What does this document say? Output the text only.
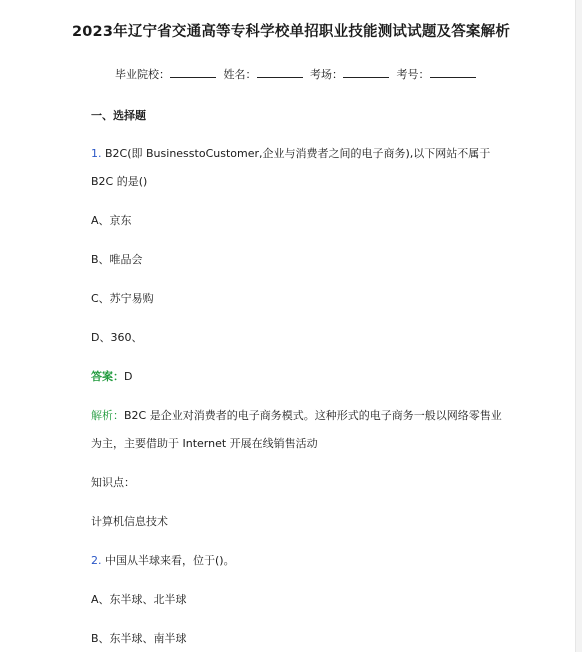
2023年辽宁省交通高等专科学校单招职业技能测试试题及答案解析
毕业院校：	姓名：	考场：	考号：
一、选择题
1. B2C(即 BusinesstoCustomer,企业与消费者之间的电子商务),以下网站不属于
B2C 的是()
A、京东
B、唯品会
C、苏宁易购
D、360、
答案：D
解析：B2C 是企业对消费者的电子商务模式。这种形式的电子商务一般以网络零售业
为主，主要借助于 Internet 开展在线销售活动
知识点：
计算机信息技术
2. 中国从半球来看，位于()。
A、东半球、北半球
B、东半球、南半球
